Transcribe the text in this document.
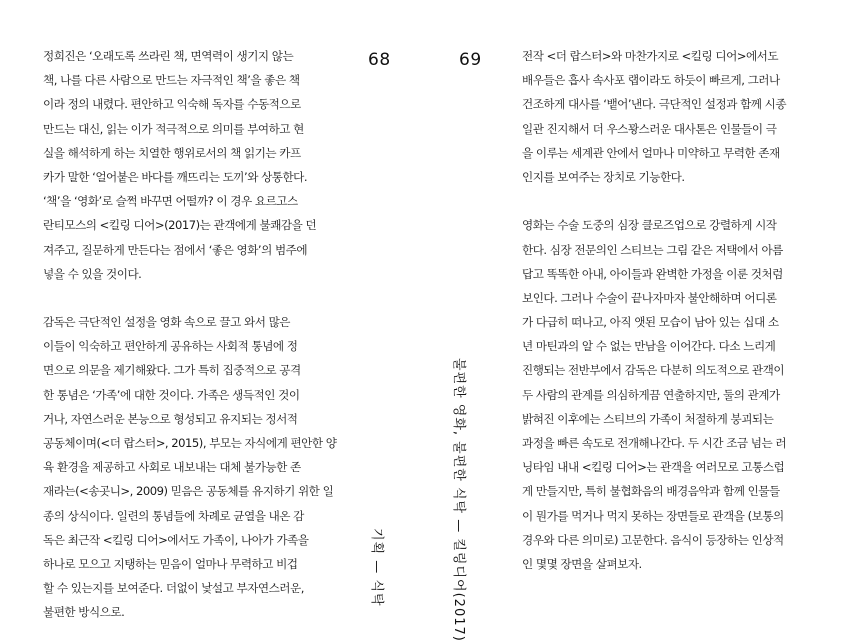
68
정희진은 ‘오래도록 쓰라린 책, 면역력이 생기지 않는
책, 나를 다른 사람으로 만드는 자극적인 책’을 좋은 책
이라 정의 내렸다. 편안하고 익숙해 독자를 수동적으로
만드는 대신, 읽는 이가 적극적으로 의미를 부여하고 현
실을 해석하게 하는 치열한 행위로서의 책 읽기는 카프
카가 말한 ‘얼어붙은 바다를 깨뜨리는 도끼’와 상통한다.
‘책’을 ‘영화’로 슬쩍 바꾸면 어떨까? 이 경우 요르고스
란티모스의 <킬링 디어>(2017)는 관객에게 불쾌감을 던
져주고, 질문하게 만든다는 점에서 ‘좋은 영화’의 범주에
넣을 수 있을 것이다.
감독은 극단적인 설정을 영화 속으로 끌고 와서 많은
이들이 익숙하고 편안하게 공유하는 사회적 통념에 정
면으로 의문을 제기해왔다. 그가 특히 집중적으로 공격
한 통념은 ‘가족’에 대한 것이다. 가족은 생득적인 것이
거나, 자연스러운 본능으로 형성되고 유지되는 정서적
공동체이며(<더 랍스터>, 2015), 부모는 자식에게 편안한 양
육 환경을 제공하고 사회로 내보내는 대체 불가능한 존
재라는(<송곳니>, 2009) 믿음은 공동체를 유지하기 위한 일
종의 상식이다. 일련의 통념들에 차례로 균열을 내온 감
독은 최근작 <킬링 디어>에서도 가족이, 나아가 가족을
하나로 모으고 지탱하는 믿음이 얼마나 무력하고 비겁
할 수 있는지를 보여준다. 더없이 낯설고 부자연스러운,
불편한 방식으로.
기획 — 식탁
69	전작 <더 랍스터>와 마찬가지로 <킬링 디어>에서도
배우들은 흡사 속사포 랩이라도 하듯이 빠르게, 그러나
건조하게 대사를 ‘뱉어’낸다. 극단적인 설정과 함께 시종
일관 진지해서 더 우스꽝스러운 대사톤은 인물들이 극
을 이루는 세계관 안에서 얼마나 미약하고 무력한 존재
인지를 보여주는 장치로 기능한다.
영화는 수술 도중의 심장 클로즈업으로 강렬하게 시작
한다. 심장 전문의인 스티브는 그림 같은 저택에서 아름
답고 똑똑한 아내, 아이들과 완벽한 가정을 이룬 것처럼
보인다. 그러나 수술이 끝나자마자 불안해하며 어디론
가 다급히 떠나고, 아직 앳된 모습이 남아 있는 십대 소
년 마틴과의 알 수 없는 만남을 이어간다. 다소 느리게
진행되는 전반부에서 감독은 다분히 의도적으로 관객이
두 사람의 관계를 의심하게끔 연출하지만, 둘의 관계가
밝혀진 이후에는 스티브의 가족이 처절하게 붕괴되는
과정을 빠른 속도로 전개해나간다. 두 시간 조금 넘는 러
닝타임 내내 <킬링 디어>는 관객을 여러모로 고통스럽
게 만들지만, 특히 불협화음의 배경음악과 함께 인물들
이 뭔가를 먹거나 먹지 못하는 장면들로 관객을 (보통의
경우와 다른 의미로) 고문한다. 음식이 등장하는 인상적
인 몇몇 장면을 살펴보자.
불편한 영화, 불편한 식탁 — 킬링디어(2017)
